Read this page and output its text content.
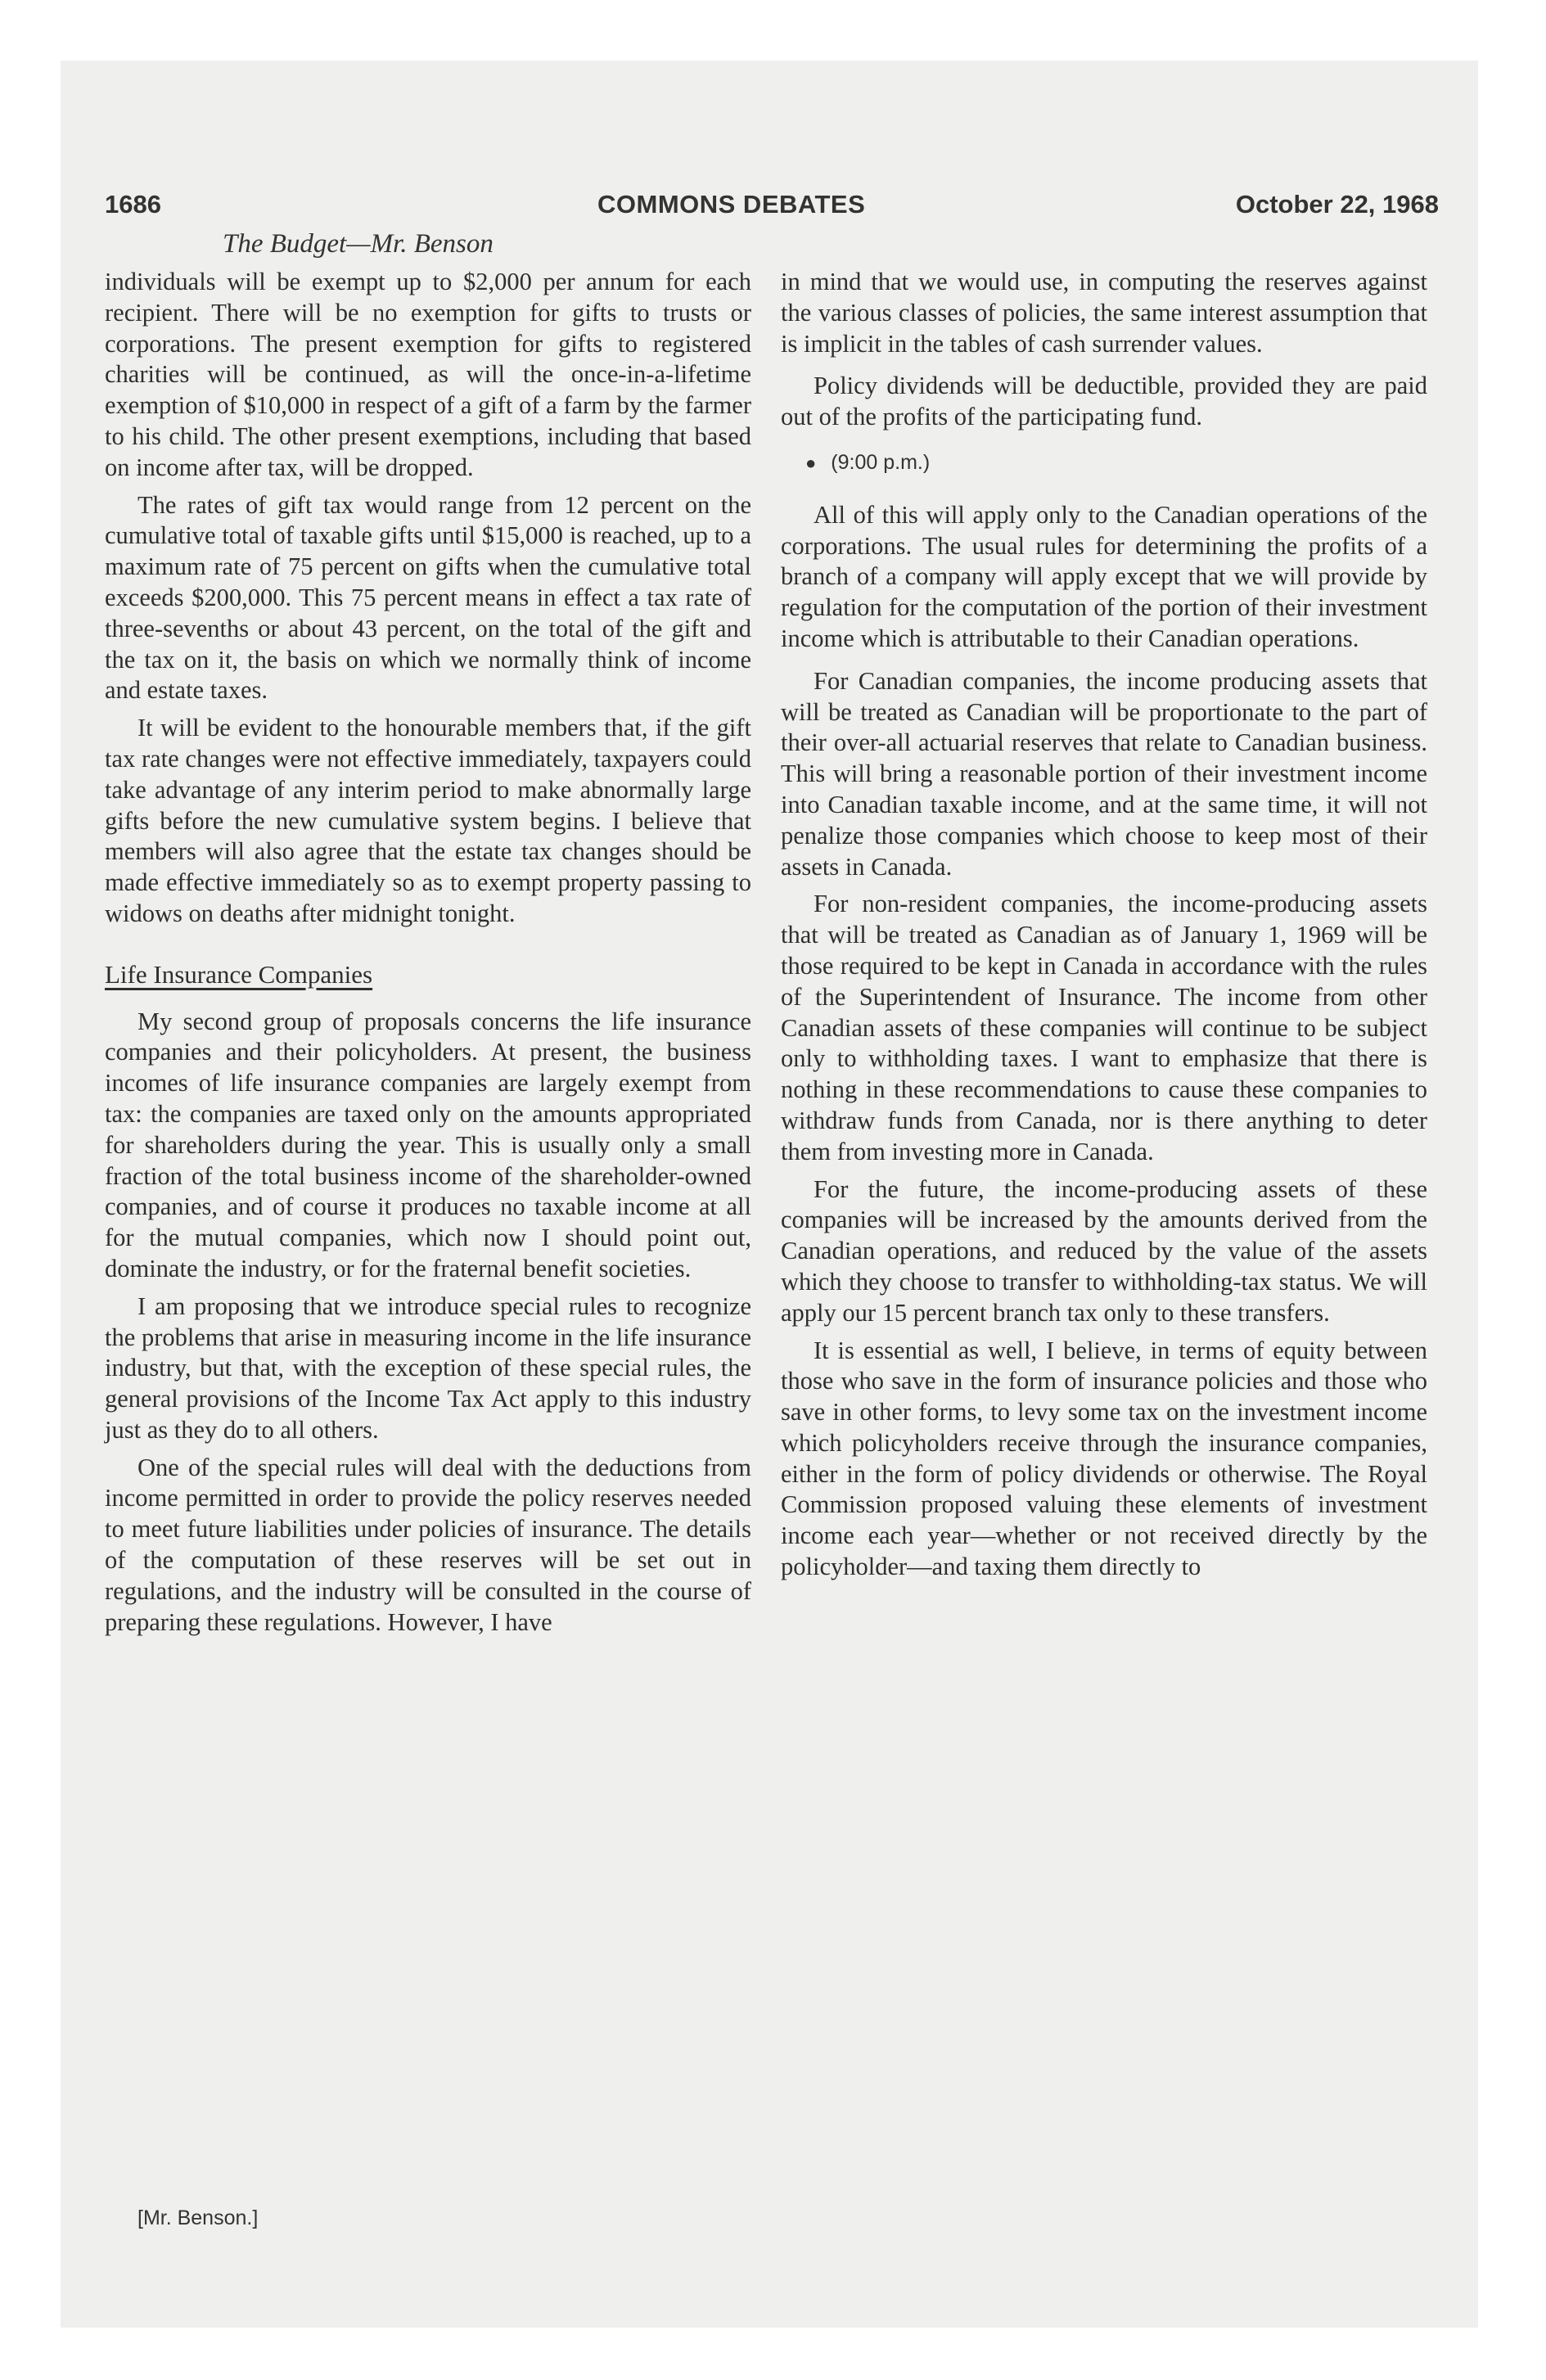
1686	COMMONS DEBATES	October 22, 1968
The Budget—Mr. Benson

individuals will be exempt up to $2,000 per annum for each recipient. There will be no exemption for gifts to trusts or corporations. The present exemption for gifts to registered charities will be continued, as will the once-in-a-lifetime exemption of $10,000 in respect of a gift of a farm by the farmer to his child. The other present exemptions, including that based on income after tax, will be dropped.

The rates of gift tax would range from 12 percent on the cumulative total of taxable gifts until $15,000 is reached, up to a maximum rate of 75 percent on gifts when the cumulative total exceeds $200,000. This 75 percent means in effect a tax rate of three-sevenths or about 43 percent, on the total of the gift and the tax on it, the basis on which we normally think of income and estate taxes.

It will be evident to the honourable members that, if the gift tax rate changes were not effective immediately, taxpayers could take advantage of any interim period to make abnormally large gifts before the new cumulative system begins. I believe that members will also agree that the estate tax changes should be made effective immediately so as to exempt property passing to widows on deaths after midnight tonight.

Life Insurance Companies

My second group of proposals concerns the life insurance companies and their policyholders. At present, the business incomes of life insurance companies are largely exempt from tax: the companies are taxed only on the amounts appropriated for shareholders during the year. This is usually only a small fraction of the total business income of the shareholder-owned companies, and of course it produces no taxable income at all for the mutual companies, which now I should point out, dominate the industry, or for the fraternal benefit societies.

I am proposing that we introduce special rules to recognize the problems that arise in measuring income in the life insurance industry, but that, with the exception of these special rules, the general provisions of the Income Tax Act apply to this industry just as they do to all others.

One of the special rules will deal with the deductions from income permitted in order to provide the policy reserves needed to meet future liabilities under policies of insurance. The details of the computation of these reserves will be set out in regulations, and the industry will be consulted in the course of preparing these regulations. However, I have

in mind that we would use, in computing the reserves against the various classes of policies, the same interest assumption that is implicit in the tables of cash surrender values.

Policy dividends will be deductible, provided they are paid out of the profits of the participating fund.

● (9:00 p.m.)

All of this will apply only to the Canadian operations of the corporations. The usual rules for determining the profits of a branch of a company will apply except that we will provide by regulation for the computation of the portion of their investment income which is attributable to their Canadian operations.

For Canadian companies, the income producing assets that will be treated as Canadian will be proportionate to the part of their over-all actuarial reserves that relate to Canadian business. This will bring a reasonable portion of their investment income into Canadian taxable income, and at the same time, it will not penalize those companies which choose to keep most of their assets in Canada.

For non-resident companies, the income-producing assets that will be treated as Canadian as of January 1, 1969 will be those required to be kept in Canada in accordance with the rules of the Superintendent of Insurance. The income from other Canadian assets of these companies will continue to be subject only to withholding taxes. I want to emphasize that there is nothing in these recommendations to cause these companies to withdraw funds from Canada, nor is there anything to deter them from investing more in Canada.

For the future, the income-producing assets of these companies will be increased by the amounts derived from the Canadian operations, and reduced by the value of the assets which they choose to transfer to withholding-tax status. We will apply our 15 percent branch tax only to these transfers.

It is essential as well, I believe, in terms of equity between those who save in the form of insurance policies and those who save in other forms, to levy some tax on the investment income which policyholders receive through the insurance companies, either in the form of policy dividends or otherwise. The Royal Commission proposed valuing these elements of investment income each year—whether or not received directly by the policyholder—and taxing them directly to

[Mr. Benson.]
